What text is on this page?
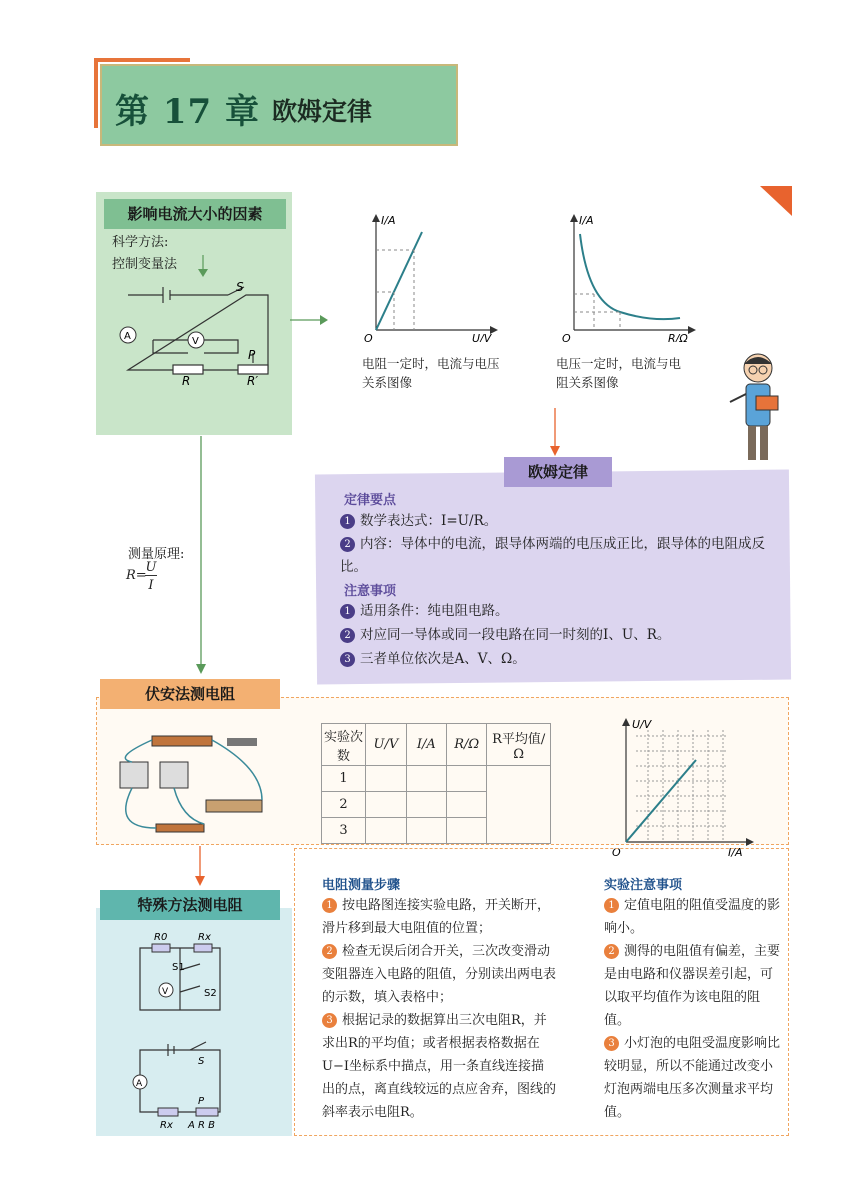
第 17 章 欧姆定律
影响电流大小的因素
科学方法:
控制变量法
S
A	V
P
R	R′
I/A
U/V
O
电阻一定时，电流与电压关系图像
I/A
R/Ω
O
电压一定时，电流与电阻关系图像
测量原理:
R=
U
I
欧姆定律
定律要点
1 数学表达式：I=U/R。
2 内容：导体中的电流，跟导体两端的电压成正比，跟导体的电阻成反比。
注意事项
1 适用条件：纯电阻电路。
2 对应同一导体或同一段电路在同一时刻的I、U、R。
3 三者单位依次是A、V、Ω。
伏安法测电阻
实验次数	U/V	I/A	R/Ω	R平均值/Ω
1				
2				
3				
U/V
I/A
O
电阻测量步骤
1 按电路图连接实验电路，开关断开，滑片移到最大电阻值的位置；
2 检查无误后闭合开关，三次改变滑动变阻器连入电路的阻值，分别读出两电表的示数，填入表格中；
3 根据记录的数据算出三次电阻R，并求出R的平均值；或者根据表格数据在U−I坐标系中描点，用一条直线连接描出的点，离直线较远的点应舍弃，图线的斜率表示电阻R。
实验注意事项
1 定值电阻的阻值受温度的影响小。
2 测得的电阻值有偏差，主要是由电路和仪器误差引起，可以取平均值作为该电阻的阻值。
3 小灯泡的电阻受温度影响比较明显，所以不能通过改变小灯泡两端电压多次测量求平均值。
特殊方法测电阻
R0	Rx
S1
S2
V
S
A
P
Rx A R B
